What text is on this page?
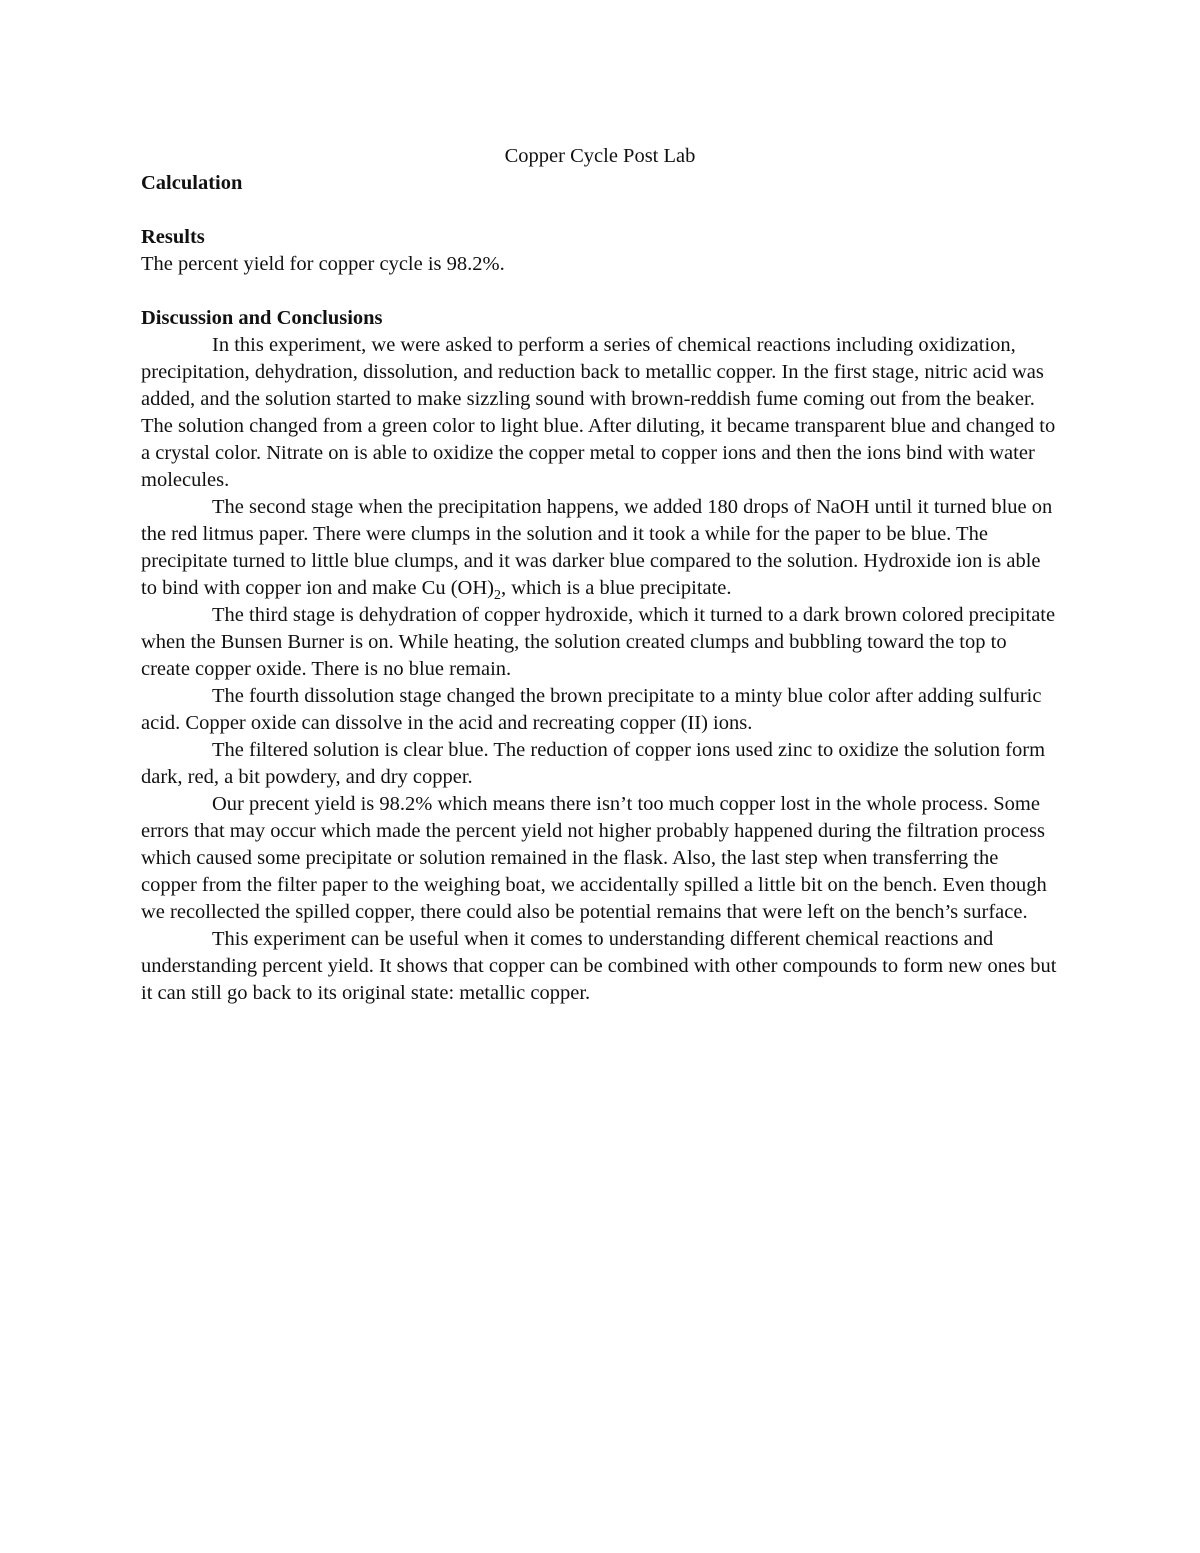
Copper Cycle Post Lab
Calculation
Results

The percent yield for copper cycle is 98.2%.

Discussion and Conclusions

In this experiment, we were asked to perform a series of chemical reactions including oxidization, precipitation, dehydration, dissolution, and reduction back to metallic copper. In the first stage, nitric acid was added, and the solution started to make sizzling sound with brown-reddish fume coming out from the beaker. The solution changed from a green color to light blue. After diluting, it became transparent blue and changed to a crystal color. Nitrate on is able to oxidize the copper metal to copper ions and then the ions bind with water molecules.

The second stage when the precipitation happens, we added 180 drops of NaOH until it turned blue on the red litmus paper. There were clumps in the solution and it took a while for the paper to be blue. The precipitate turned to little blue clumps, and it was darker blue compared to the solution. Hydroxide ion is able to bind with copper ion and make Cu $(OH)_2$, which is a blue precipitate.

The third stage is dehydration of copper hydroxide, which it turned to a dark brown colored precipitate when the Bunsen Burner is on. While heating, the solution created clumps and bubbling toward the top to create copper oxide. There is no blue remain.

The fourth dissolution stage changed the brown precipitate to a minty blue color after adding sulfuric acid. Copper oxide can dissolve in the acid and recreating copper (II) ions.

The filtered solution is clear blue. The reduction of copper ions used zinc to oxidize the solution form dark, red, a bit powdery, and dry copper.

Our precent yield is 98.2% which means there isn’t too much copper lost in the whole process. Some errors that may occur which made the percent yield not higher probably happened during the filtration process which caused some precipitate or solution remained in the flask. Also, the last step when transferring the copper from the filter paper to the weighing boat, we accidentally spilled a little bit on the bench. Even though we recollected the spilled copper, there could also be potential remains that were left on the bench’s surface.

This experiment can be useful when it comes to understanding different chemical reactions and understanding percent yield. It shows that copper can be combined with other compounds to form new ones but it can still go back to its original state: metallic copper.
